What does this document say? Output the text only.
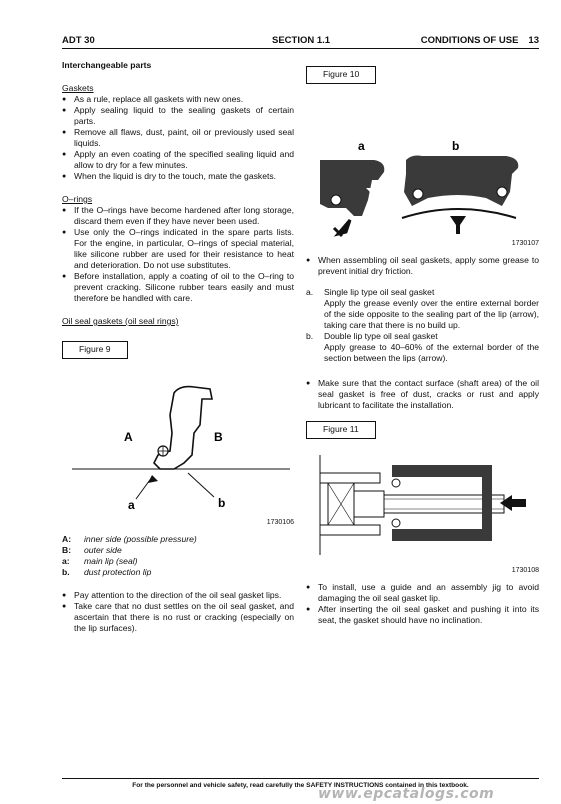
ADT 30	SECTION 1.1	CONDITIONS OF USE 13
Interchangeable parts
Gaskets
● As a rule, replace all gaskets with new ones.
● Apply sealing liquid to the sealing gaskets of certain parts.
● Remove all flaws, dust, paint, oil or previously used seal liquids.
● Apply an even coating of the specified sealing liquid and allow to dry for a few minutes.
● When the liquid is dry to the touch, mate the gaskets.
O–rings
● If the O–rings have become hardened after long storage, discard them even if they have never been used.
● Use only the O–rings indicated in the spare parts lists. For the engine, in particular, O–rings of special material, like silicone rubber are used for their resistance to heat and deterioration. Do not use substitutes.
● Before installation, apply a coating of oil to the O–ring to prevent cracking. Silicone rubber tears easily and must therefore be handled with care.
Oil seal gaskets (oil seal rings)
Figure 9
A	B
a	b
1730106
A:	inner side (possible pressure)
B:	outer side
a:	main lip (seal)
b.	dust protection lip
● Pay attention to the direction of the oil seal gasket lips.
● Take care that no dust settles on the oil seal gasket, and ascertain that there is no rust or cracking (especially on the lip surfaces).
Figure 10
a	b
1730107
● When assembling oil seal gaskets, apply some grease to prevent initial dry friction.
a.	Single lip type oil seal gasket
Apply the grease evenly over the entire external border of the side opposite to the sealing part of the lip (arrow), taking care that there is no build up.
b.	Double lip type oil seal gasket
Apply grease to 40–60% of the external border of the section between the lips (arrow).
● Make sure that the contact surface (shaft area) of the oil seal gasket is free of dust, cracks or rust and apply lubricant to facilitate the installation.
Figure 11
1730108
● To install, use a guide and an assembly jig to avoid damaging the oil seal gasket lip.
● After inserting the oil seal gasket and pushing it into its seat, the gasket should have no inclination.
For the personnel and vehicle safety, read carefully the SAFETY INSTRUCTIONS contained in this textbook.
www.epcatalogs.com
